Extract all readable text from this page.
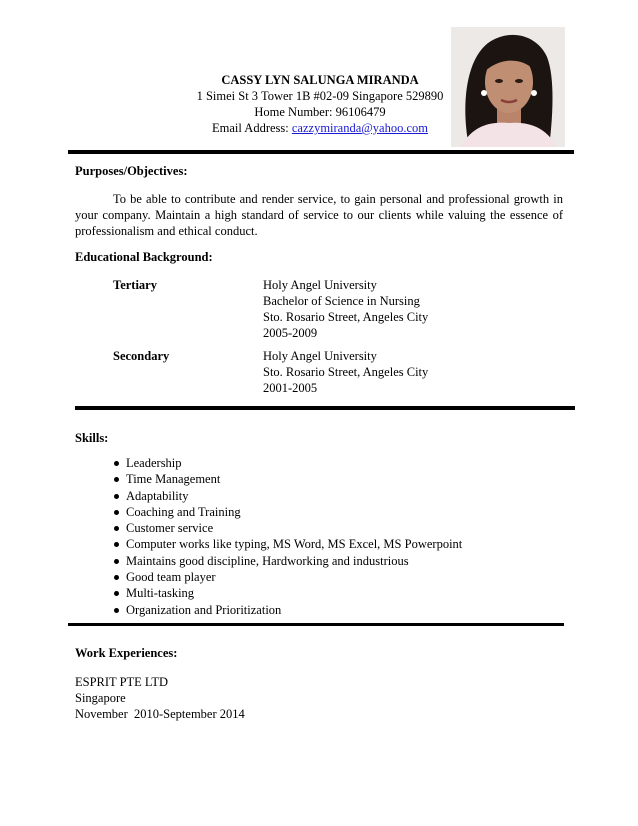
CASSY LYN SALUNGA MIRANDA
1 Simei St 3 Tower 1B #02-09 Singapore 529890
Home Number: 96106479
Email Address: cazzymiranda@yahoo.com
Purposes/Objectives:
To be able to contribute and render service, to gain personal and professional growth in your company. Maintain a high standard of service to our clients while valuing the essence of professionalism and ethical conduct.
Educational Background:
Tertiary	Holy Angel University
Bachelor of Science in Nursing
Sto. Rosario Street, Angeles City
2005-2009
Secondary	Holy Angel University
Sto. Rosario Street, Angeles City
2001-2005
Skills:
Leadership
Time Management
Adaptability
Coaching and Training
Customer service
Computer works like typing, MS Word, MS Excel, MS Powerpoint
Maintains good discipline, Hardworking and industrious
Good team player
Multi-tasking
Organization and Prioritization
Work Experiences:
ESPRIT PTE LTD
Singapore
November  2010-September 2014
